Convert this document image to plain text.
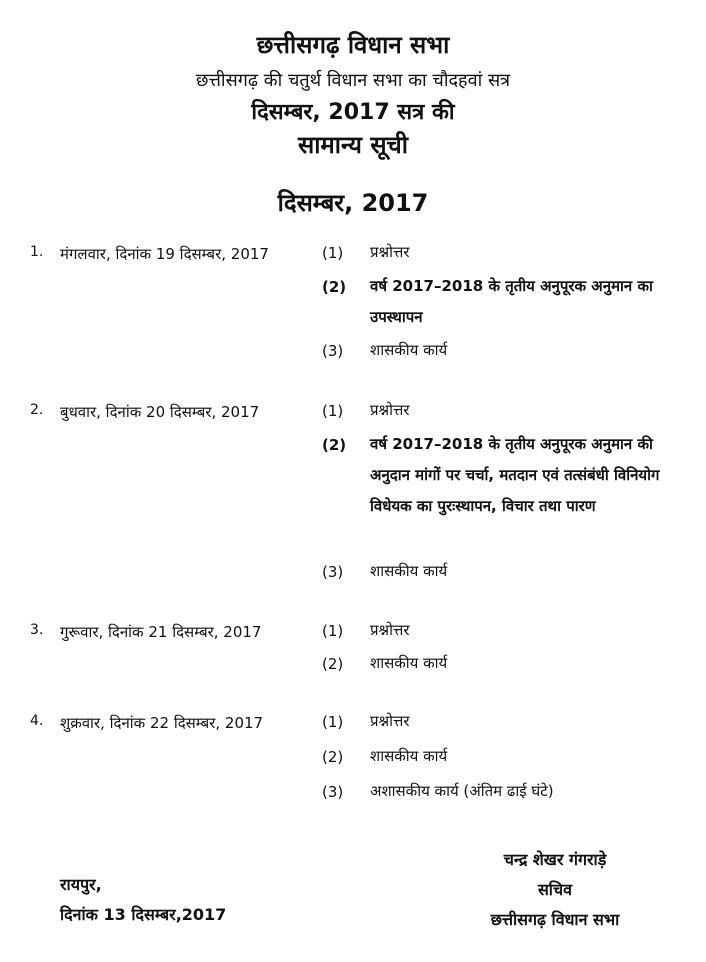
छत्तीसगढ़ विधान सभा
छत्तीसगढ़ की चतुर्थ विधान सभा का चौदहवां सत्र
दिसम्बर, 2017 सत्र की
सामान्य सूची
दिसम्बर, 2017
1. मंगलवार, दिनांक 19 दिसम्बर, 2017	(1) प्रश्नोत्तर
(2) वर्ष 2017–2018 के तृतीय अनुपूरक अनुमान का उपस्थापन
(3) शासकीय कार्य
2. बुधवार, दिनांक 20 दिसम्बर, 2017	(1) प्रश्नोत्तर
(2) वर्ष 2017–2018 के तृतीय अनुपूरक अनुमान की अनुदान मांगों पर चर्चा, मतदान एवं तत्संबंधी विनियोग विधेयक का पुरःस्थापन, विचार तथा पारण
(3) शासकीय कार्य
3. गुरूवार, दिनांक 21 दिसम्बर, 2017	(1) प्रश्नोत्तर
(2) शासकीय कार्य
4. शुक्रवार, दिनांक 22 दिसम्बर, 2017	(1) प्रश्नोत्तर
(2) शासकीय कार्य
(3) अशासकीय कार्य (अंतिम ढाई घंटे)
रायपुर,
दिनांक 13 दिसम्बर,2017
चन्द्र शेखर गंगराड़े
सचिव
छत्तीसगढ़ विधान सभा
